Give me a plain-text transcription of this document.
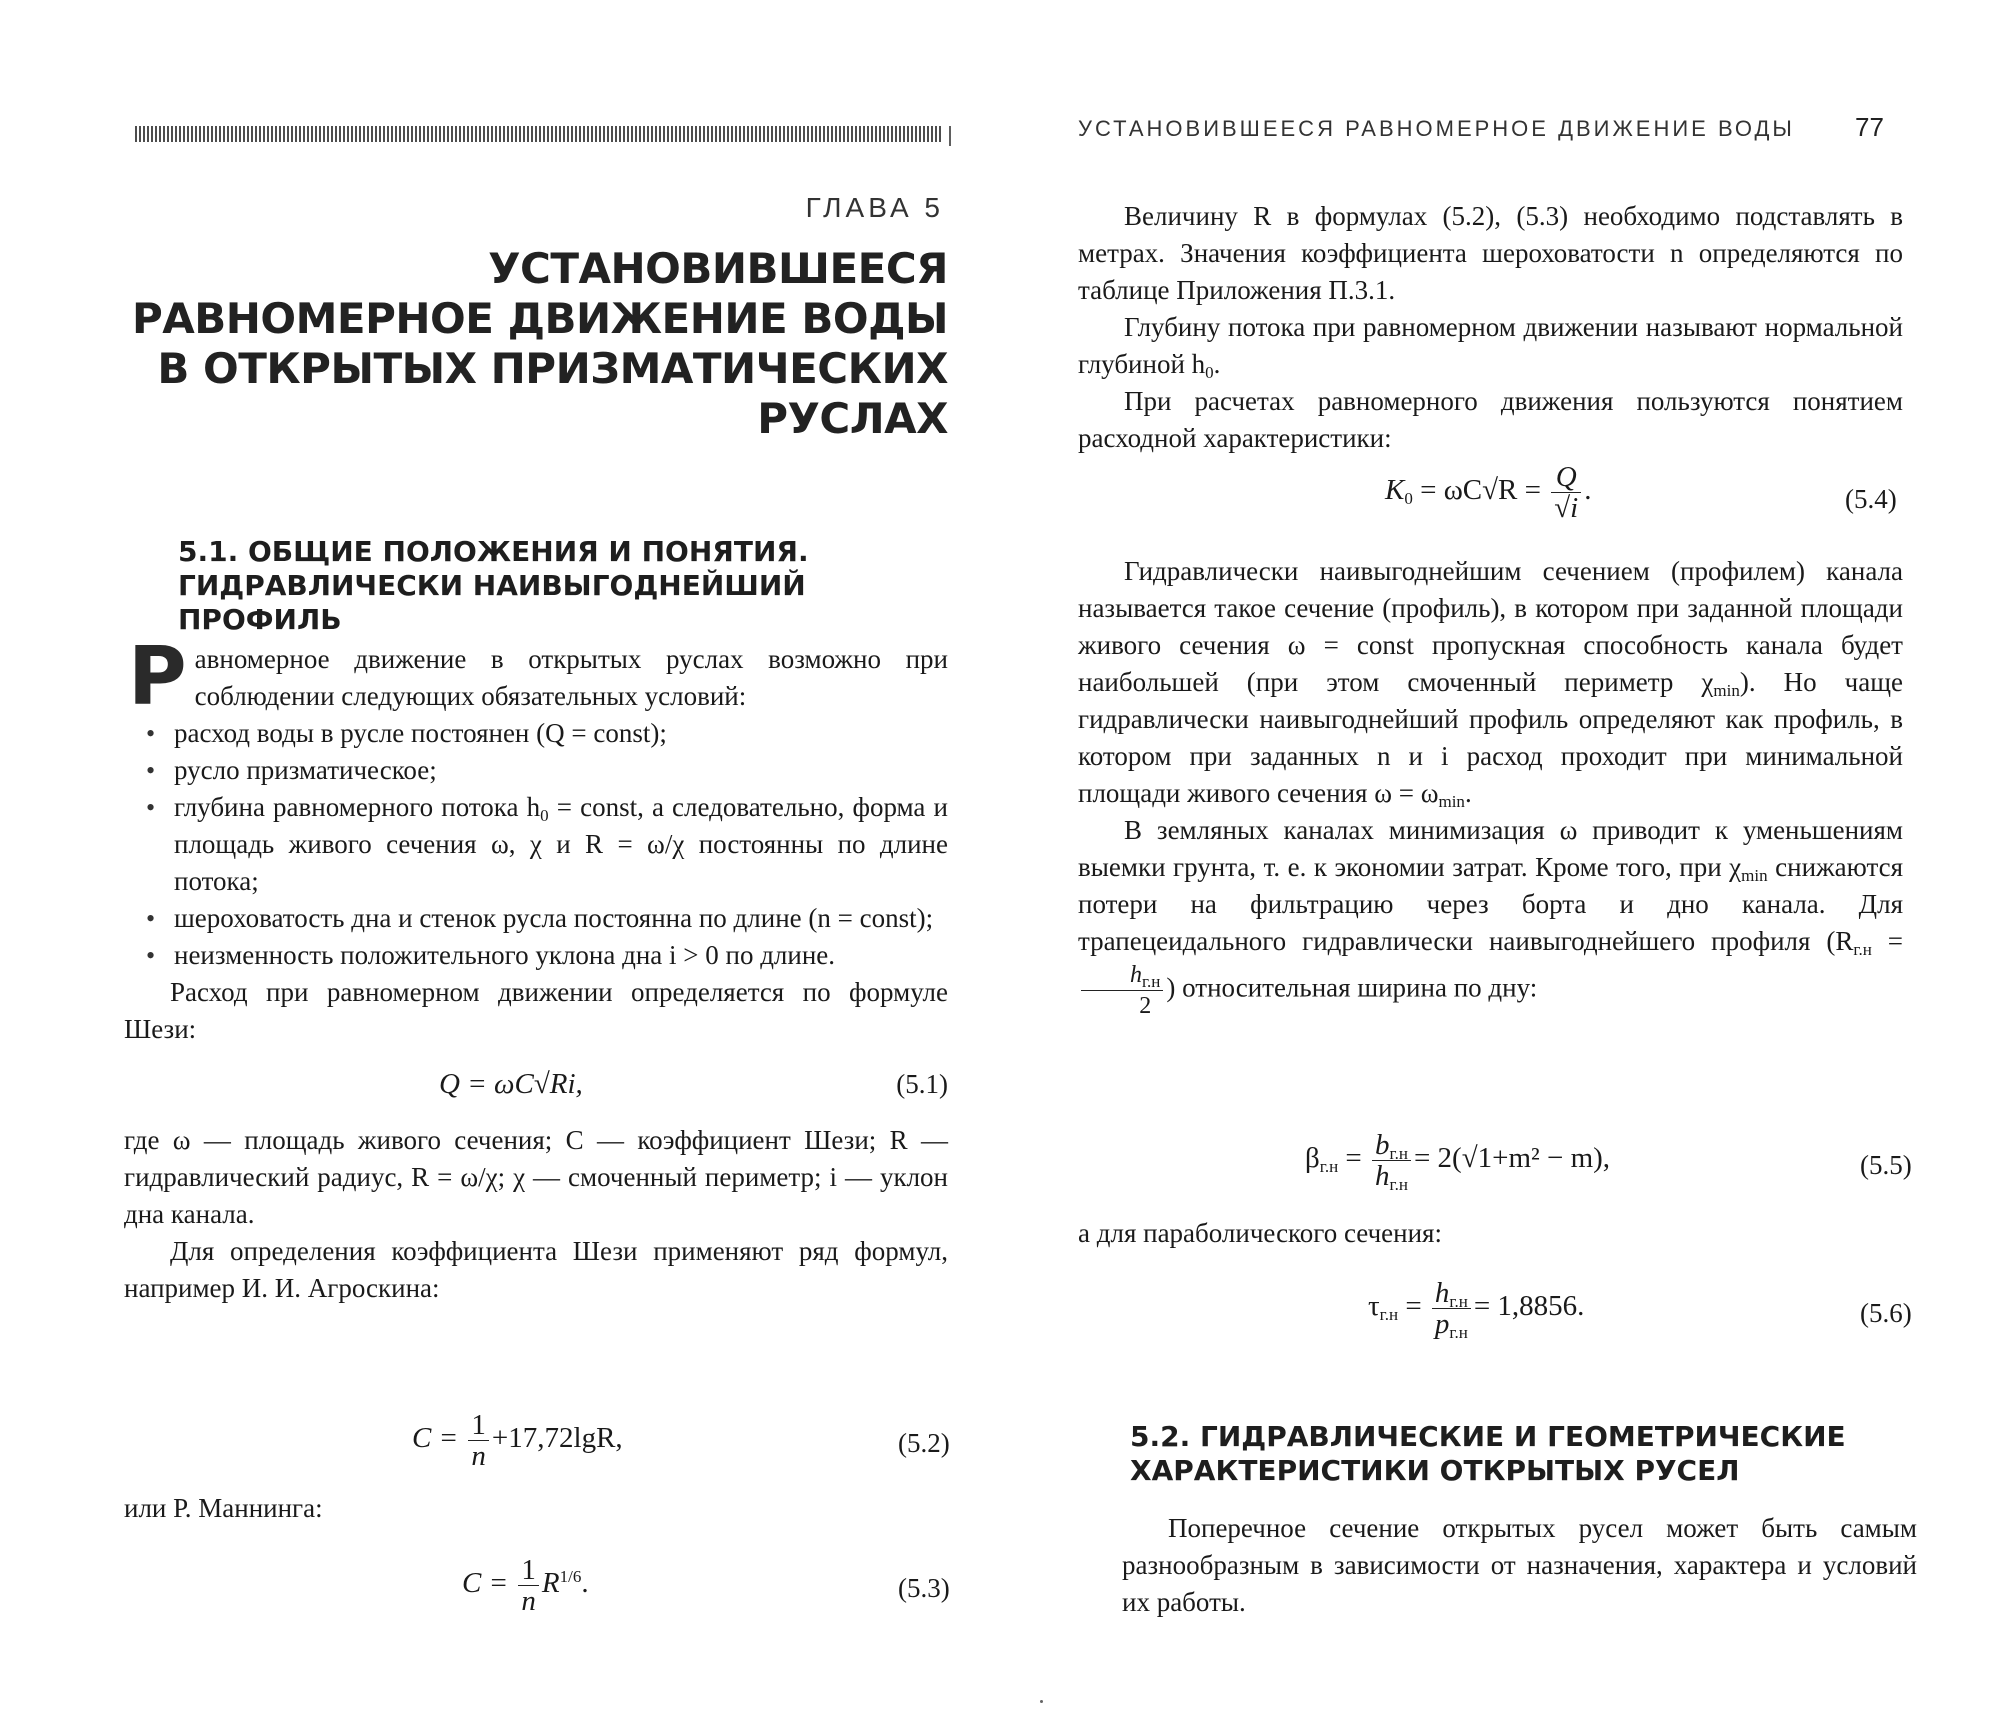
ГЛАВА 5
УСТАНОВИВШЕЕСЯ
РАВНОМЕРНОЕ ДВИЖЕНИЕ ВОДЫ
В ОТКРЫТЫХ ПРИЗМАТИЧЕСКИХ РУСЛАХ
5.1. ОБЩИЕ ПОЛОЖЕНИЯ И ПОНЯТИЯ.
ГИДРАВЛИЧЕСКИ НАИВЫГОДНЕЙШИЙ ПРОФИЛЬ

Равномерное движение в открытых руслах возможно при соблюдении следующих обязательных условий:

• расход воды в русле постоянен (Q = const);
• русло призматическое;
• глубина равномерного потока $h_0$ = const, а следовательно, форма и площадь живого сечения ω, χ и R = ω/χ постоянны по длине потока;
• шероховатость дна и стенок русла постоянна по длине (n = const);
• неизменность положительного уклона дна i > 0 по длине.

Расход при равномерном движении определяется по формуле Шези:

Q = ωC√Ri,	(5.1)

где ω — площадь живого сечения; C — коэффициент Шези; R — гидравлический радиус, R = ω/χ; χ — смоченный периметр; i — уклон дна канала.

Для определения коэффициента Шези применяют ряд формул, например И. И. Агроскина:

$C = \frac{1}{n} +17,72\lg R$,	(5.2)
или Р. Маннинга:
$C = \frac{1}{n} R^{1/6}$.	(5.3)
УСТАНОВИВШЕЕСЯ РАВНОМЕРНОЕ ДВИЖЕНИЕ ВОДЫ 77

Величину R в формулах (5.2), (5.3) необходимо подставлять в метрах. Значения коэффициента шероховатости n определяются по таблице Приложения П.3.1.

Глубину потока при равномерном движении называют нормальной глубиной $h_0$.

При расчетах равномерного движения пользуются понятием расходной характеристики:

$K_0 = \omega C√R = \frac{Q}{√i}$ .	(5.4)

Гидравлически наивыгоднейшим сечением (профилем) канала называется такое сечение (профиль), в котором при заданной площади живого сечения ω = const пропускная способность канала будет наибольшей (при этом смоченный периметр $\chi_{min}$). Но чаще гидравлически наивыгоднейший профиль определяют как профиль, в котором при заданных n и i расход проходит при минимальной площади живого сечения $\omega = \omega_{min}$.

В земляных каналах минимизация ω приводит к уменьшениям выемки грунта, т. е. к экономии затрат. Кроме того, при $\chi_{min}$ снижаются потери на фильтрацию через борта и дно канала. Для трапецеидального гидравлически наивыгоднейшего профиля ($R_{г.н}$ =
$\frac{h_{г.н}}{2}$ ) относительная ширина по дну:

$\beta_{г.н} = \frac{b_{г.н}}{h_{г.н}} = 2(√1+m^2 - m)$,	(5.5)
а для параболического сечения:
$\tau_{г.н} = \frac{h_{г.н}}{p_{г.н}} = 1,8856$.	(5.6)
5.2. ГИДРАВЛИЧЕСКИЕ И ГЕОМЕТРИЧЕСКИЕ
ХАРАКТЕРИСТИКИ ОТКРЫТЫХ РУСЕЛ

Поперечное сечение открытых русел может быть самым разнообразным в зависимости от назначения, характера и условий их работы.
